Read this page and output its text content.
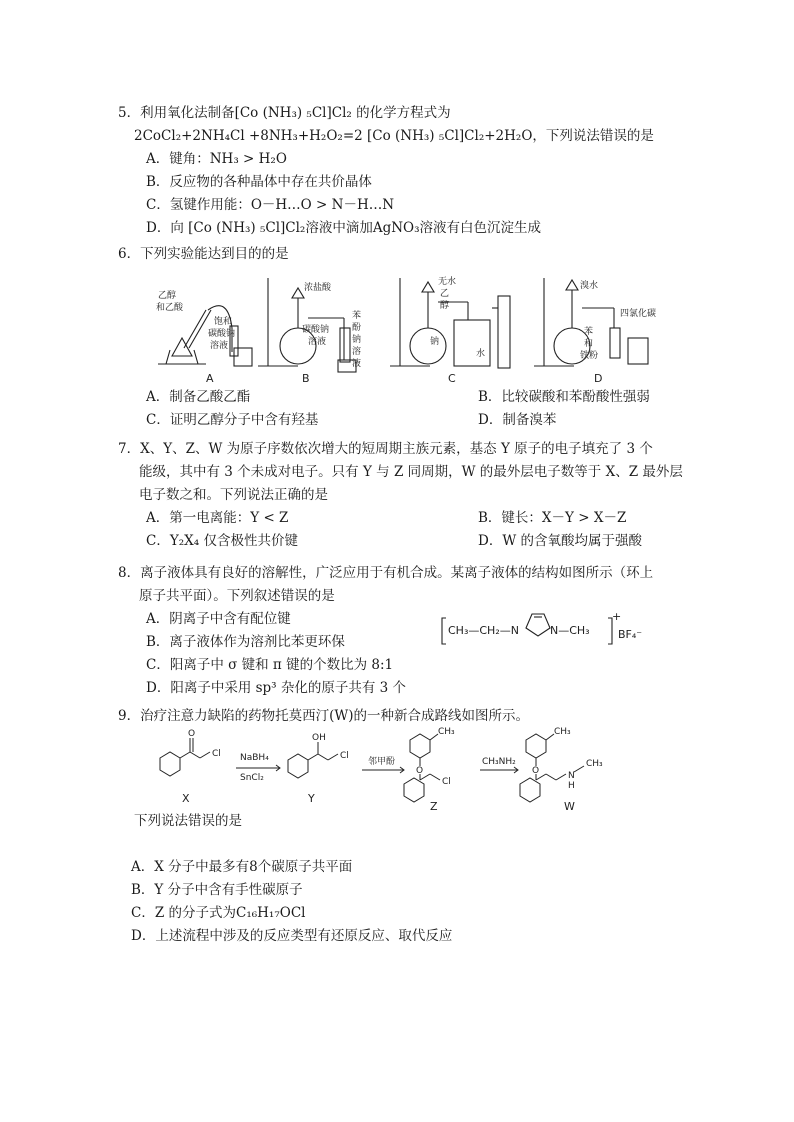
5．利用氧化法制备[Co (NH₃) ₅Cl]Cl₂ 的化学方程式为
2CoCl₂+2NH₄Cl +8NH₃+H₂O₂=2 [Co (NH₃) ₅Cl]Cl₂+2H₂O，下列说法错误的是
A．键角：NH₃ > H₂O
B．反应物的各种晶体中存在共价晶体
C．氢键作用能：O－H…O > N－H…N
D．向 [Co (NH₃) ₅Cl]Cl₂溶液中滴加AgNO₃溶液有白色沉淀生成
6．下列实验能达到目的的是
乙醇
和乙酸
饱和
碳酸钠
溶液
A
浓盐酸
碳酸钠
溶液
苯
酚
钠
溶
液
B
无水
乙
醇
钠
水
C
溴水
苯
和
铁粉
四氯化碳
D
A．制备乙酸乙酯	B．比较碳酸和苯酚酸性强弱
C．证明乙醇分子中含有羟基	D．制备溴苯
7．X、Y、Z、W 为原子序数依次增大的短周期主族元素，基态 Y 原子的电子填充了 3 个
能级，其中有 3 个未成对电子。只有 Y 与 Z 同周期，W 的最外层电子数等于 X、Z 最外层
电子数之和。下列说法正确的是
A．第一电离能：Y < Z	B．键长：X－Y > X－Z
C．Y₂X₄ 仅含极性共价键	D．W 的含氧酸均属于强酸
8．离子液体具有良好的溶解性，广泛应用于有机合成。某离子液体的结构如图所示（环上
原子共平面）。下列叙述错误的是
A．阴离子中含有配位键
B．离子液体作为溶剂比苯更环保
C．阳离子中 σ 键和 π 键的个数比为 8:1
D．阳离子中采用 sp³ 杂化的原子共有 3 个
CH₃—CH₂—N	N—CH₃
+
BF₄⁻
9．治疗注意力缺陷的药物托莫西汀(W)的一种新合成路线如图所示。
O
Cl
X
NaBH₄
SnCl₂
OH
Cl
Y
邻甲酚
CH₃
O
Cl
Z
CH₃NH₂
CH₃
O	N
H
CH₃
W
下列说法错误的是
A．X 分子中最多有8个碳原子共平面
B．Y 分子中含有手性碳原子
C．Z 的分子式为C₁₆H₁₇OCl
D．上述流程中涉及的反应类型有还原反应、取代反应
